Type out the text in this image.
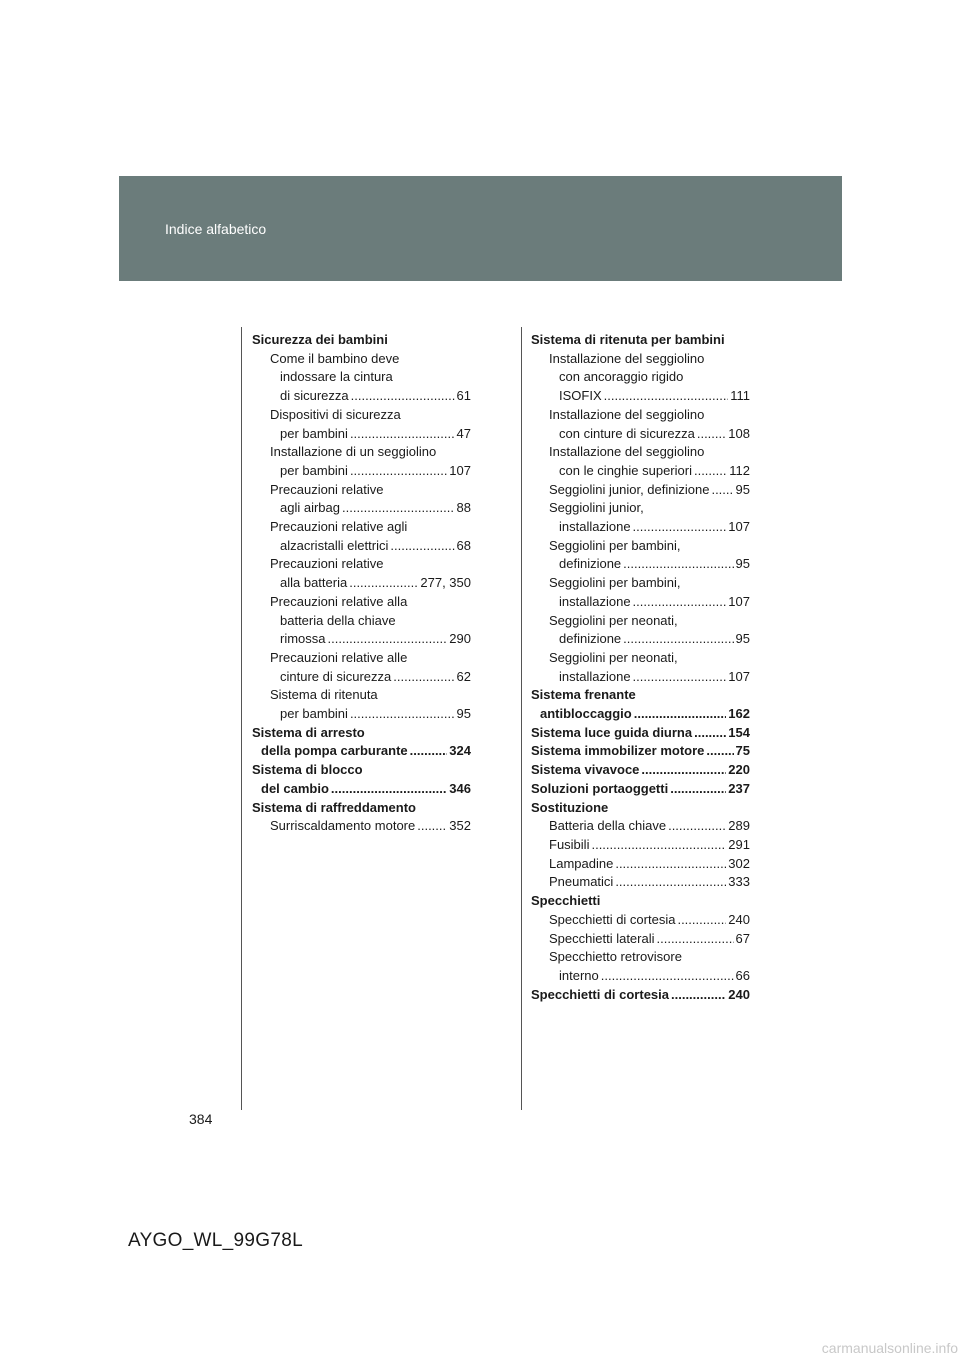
Indice alfabetico
Sicurezza dei bambini
Come il bambino deve
indossare la cintura
di sicurezza .....	61
Dispositivi di sicurezza
per bambini .....	47
Installazione di un seggiolino
per bambini .....	107
Precauzioni relative
agli airbag .....	88
Precauzioni relative agli
alzacristalli elettrici .....	68
Precauzioni relative
alla batteria .....	277, 350
Precauzioni relative alla
batteria della chiave
rimossa .....	290
Precauzioni relative alle
cinture di sicurezza .....	62
Sistema di ritenuta
per bambini .....	95
Sistema di arresto
della pompa carburante .....	324
Sistema di blocco
del cambio .....	346
Sistema di raffreddamento
Surriscaldamento motore .....	352
Sistema di ritenuta per bambini
Installazione del seggiolino
con ancoraggio rigido
ISOFIX .....	111
Installazione del seggiolino
con cinture di sicurezza .....	108
Installazione del seggiolino
con le cinghie superiori .....	112
Seggiolini junior, definizione ..... 95
Seggiolini junior,
installazione .....	107
Seggiolini per bambini,
definizione .....	95
Seggiolini per bambini,
installazione .....	107
Seggiolini per neonati,
definizione .....	95
Seggiolini per neonati,
installazione .....	107
Sistema frenante
antibloccaggio .....	162
Sistema luce guida diurna .....	154
Sistema immobilizer motore ..... 75
Sistema vivavoce .....	220
Soluzioni portaoggetti .....	237
Sostituzione
Batteria della chiave .....	289
Fusibili .....	291
Lampadine .....	302
Pneumatici .....	333
Specchietti
Specchietti di cortesia .....	240
Specchietti laterali .....	67
Specchietto retrovisore
interno .....	66
Specchietti di cortesia .....	240
384
AYGO_WL_99G78L
carmanualsonline.info
